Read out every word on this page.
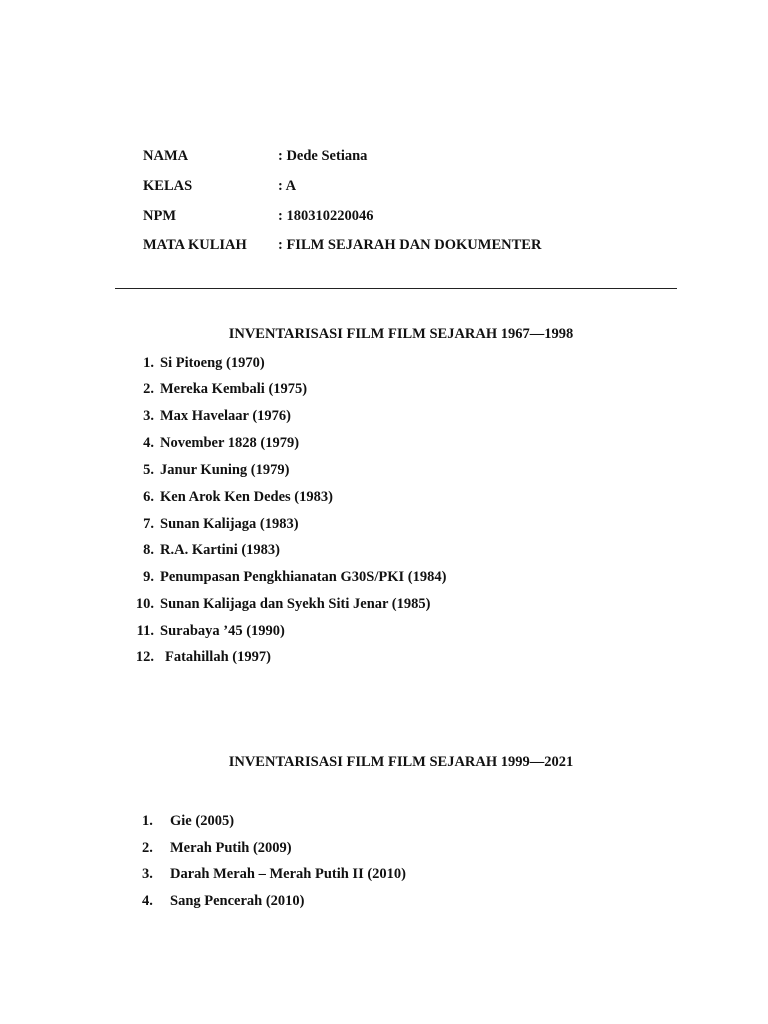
NAMA	: Dede Setiana
KELAS	: A
NPM	: 180310220046
MATA KULIAH : FILM SEJARAH DAN DOKUMENTER
INVENTARISASI FILM FILM SEJARAH 1967—1998
1. Si Pitoeng (1970)
2. Mereka Kembali (1975)
3. Max Havelaar (1976)
4. November 1828 (1979)
5. Janur Kuning (1979)
6. Ken Arok Ken Dedes (1983)
7. Sunan Kalijaga (1983)
8. R.A. Kartini (1983)
9. Penumpasan Pengkhianatan G30S/PKI (1984)
10. Sunan Kalijaga dan Syekh Siti Jenar (1985)
11. Surabaya ’45 (1990)
12. Fatahillah (1997)
INVENTARISASI FILM FILM SEJARAH 1999—2021
1. Gie (2005)
2. Merah Putih (2009)
3. Darah Merah – Merah Putih II (2010)
4. Sang Pencerah (2010)
